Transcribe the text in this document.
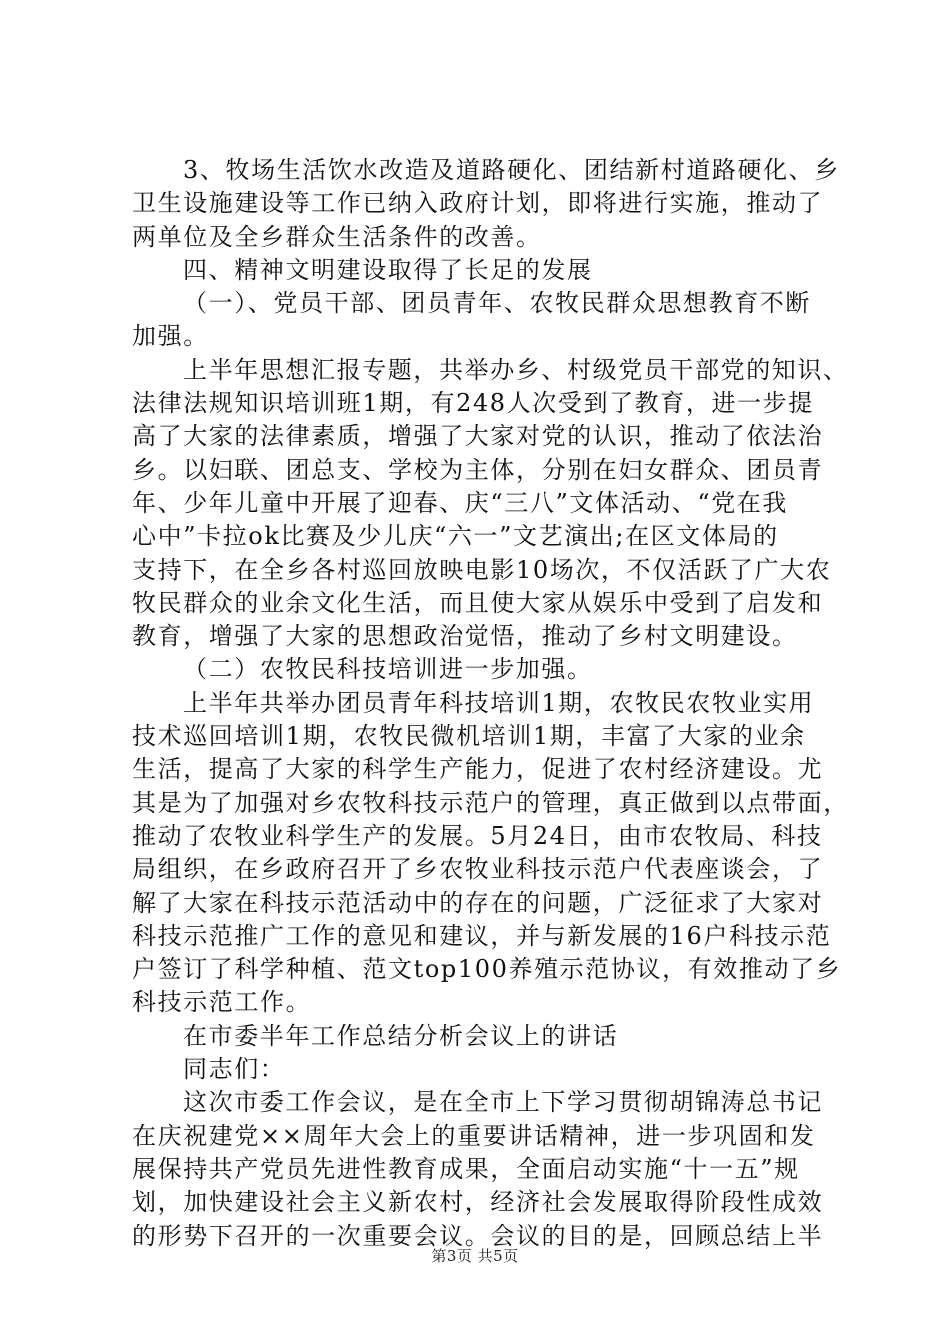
3、牧场生活饮水改造及道路硬化、团结新村道路硬化、乡
卫生设施建设等工作已纳入政府计划，即将进行实施，推动了
两单位及全乡群众生活条件的改善。
四、精神文明建设取得了长足的发展
（一）、党员干部、团员青年、农牧民群众思想教育不断
加强。
上半年思想汇报专题，共举办乡、村级党员干部党的知识、
法律法规知识培训班1期，有248人次受到了教育，进一步提
高了大家的法律素质，增强了大家对党的认识，推动了依法治
乡。以妇联、团总支、学校为主体，分别在妇女群众、团员青
年、少年儿童中开展了迎春、庆“三八”文体活动、“党在我
心中”卡拉ok比赛及少儿庆“六一”文艺演出;在区文体局的
支持下，在全乡各村巡回放映电影10场次，不仅活跃了广大农
牧民群众的业余文化生活，而且使大家从娱乐中受到了启发和
教育，增强了大家的思想政治觉悟，推动了乡村文明建设。
（二）农牧民科技培训进一步加强。
上半年共举办团员青年科技培训1期，农牧民农牧业实用
技术巡回培训1期，农牧民微机培训1期，丰富了大家的业余
生活，提高了大家的科学生产能力，促进了农村经济建设。尤
其是为了加强对乡农牧科技示范户的管理，真正做到以点带面，
推动了农牧业科学生产的发展。5月24日，由市农牧局、科技
局组织，在乡政府召开了乡农牧业科技示范户代表座谈会，了
解了大家在科技示范活动中的存在的问题，广泛征求了大家对
科技示范推广工作的意见和建议，并与新发展的16户科技示范
户签订了科学种植、范文top100养殖示范协议，有效推动了乡
科技示范工作。
在市委半年工作总结分析会议上的讲话
同志们：
这次市委工作会议，是在全市上下学习贯彻胡锦涛总书记
在庆祝建党××周年大会上的重要讲话精神，进一步巩固和发
展保持共产党员先进性教育成果，全面启动实施“十一五”规
划，加快建设社会主义新农村，经济社会发展取得阶段性成效
的形势下召开的一次重要会议。会议的目的是，回顾总结上半
第3页 共5页
